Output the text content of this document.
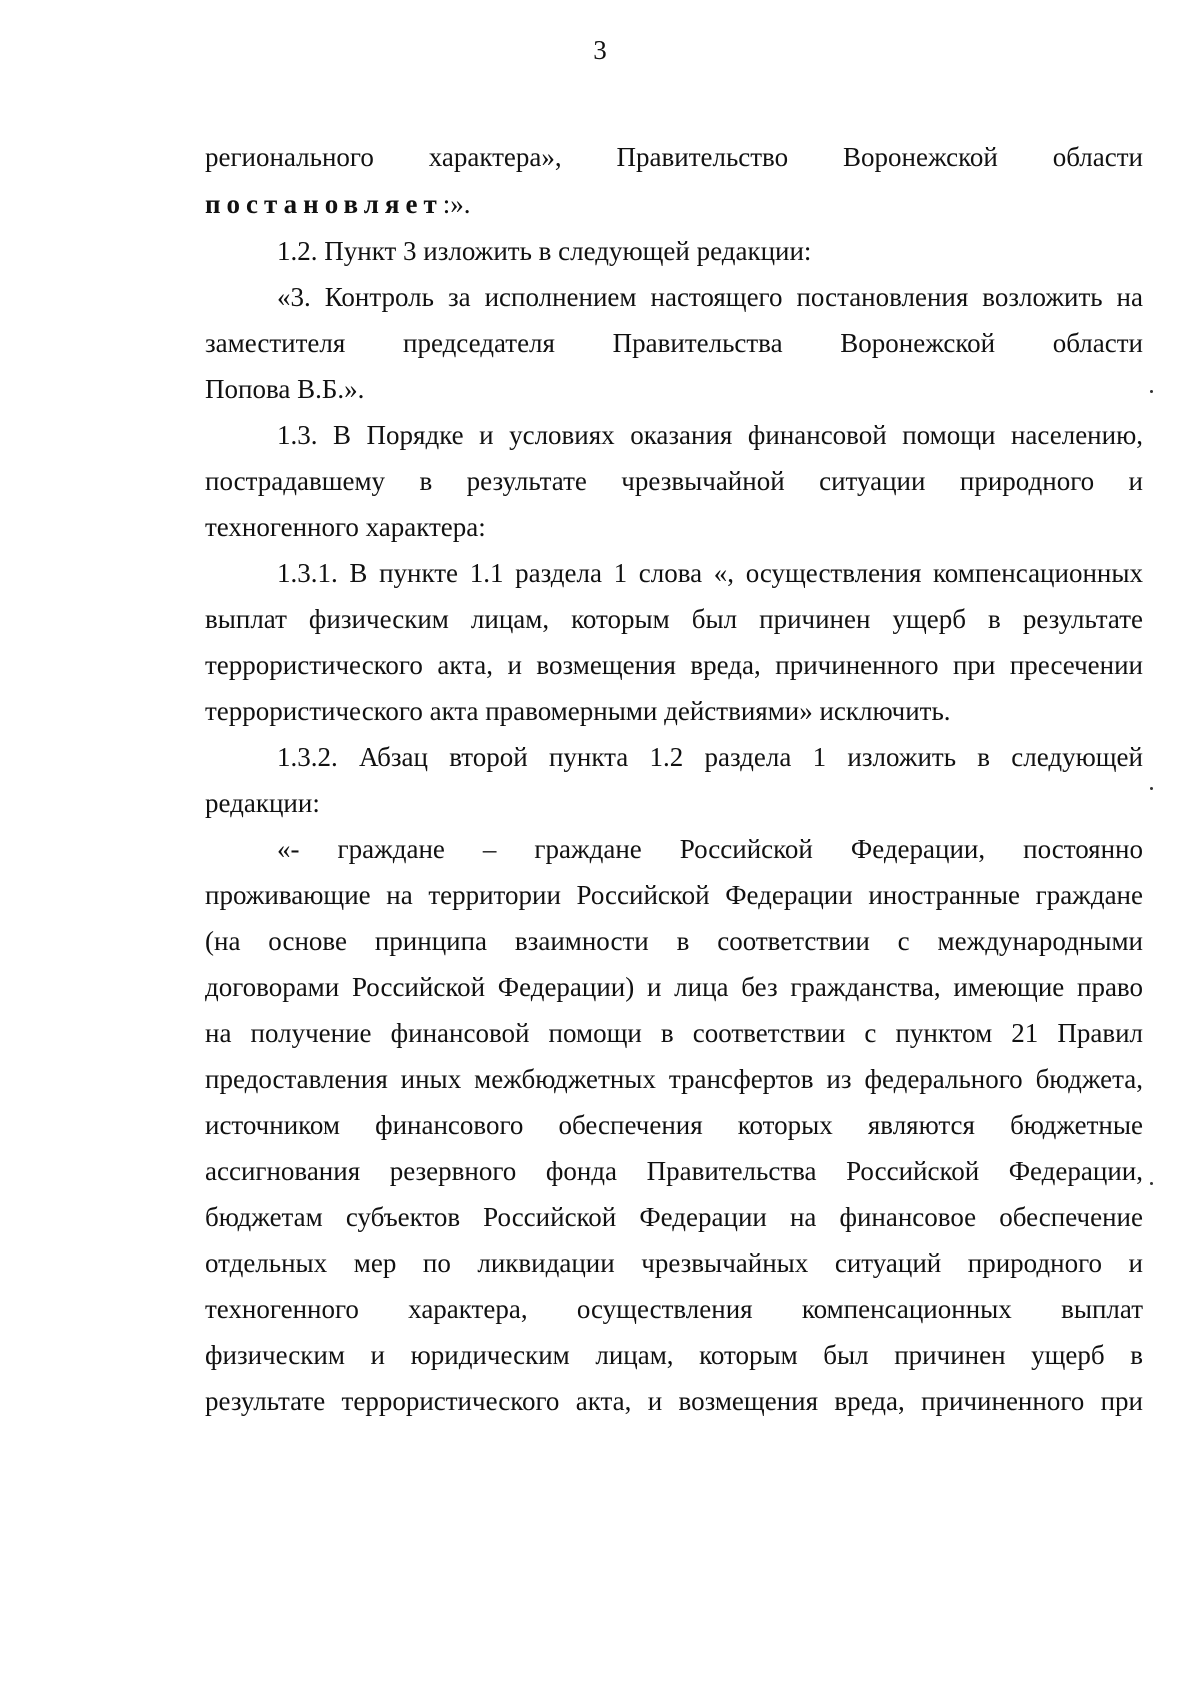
3
регионального характера», Правительство Воронежской области
постановляет:».
1.2. Пункт 3 изложить в следующей редакции:
«3. Контроль за исполнением настоящего постановления возложить на
заместителя председателя Правительства Воронежской области
Попова В.Б.».
1.3. В Порядке и условиях оказания финансовой помощи населению,
пострадавшему в результате чрезвычайной ситуации природного и
техногенного характера:
1.3.1. В пункте 1.1 раздела 1 слова «, осуществления компенсационных
выплат физическим лицам, которым был причинен ущерб в результате
террористического акта, и возмещения вреда, причиненного при пресечении
террористического акта правомерными действиями» исключить.
1.3.2. Абзац второй пункта 1.2 раздела 1 изложить в следующей
редакции:
«- граждане – граждане Российской Федерации, постоянно
проживающие на территории Российской Федерации иностранные граждане
(на основе принципа взаимности в соответствии с международными
договорами Российской Федерации) и лица без гражданства, имеющие право
на получение финансовой помощи в соответствии с пунктом 21 Правил
предоставления иных межбюджетных трансфертов из федерального бюджета,
источником финансового обеспечения которых являются бюджетные
ассигнования резервного фонда Правительства Российской Федерации,
бюджетам субъектов Российской Федерации на финансовое обеспечение
отдельных мер по ликвидации чрезвычайных ситуаций природного и
техногенного характера, осуществления компенсационных выплат
физическим и юридическим лицам, которым был причинен ущерб в
результате террористического акта, и возмещения вреда, причиненного при
